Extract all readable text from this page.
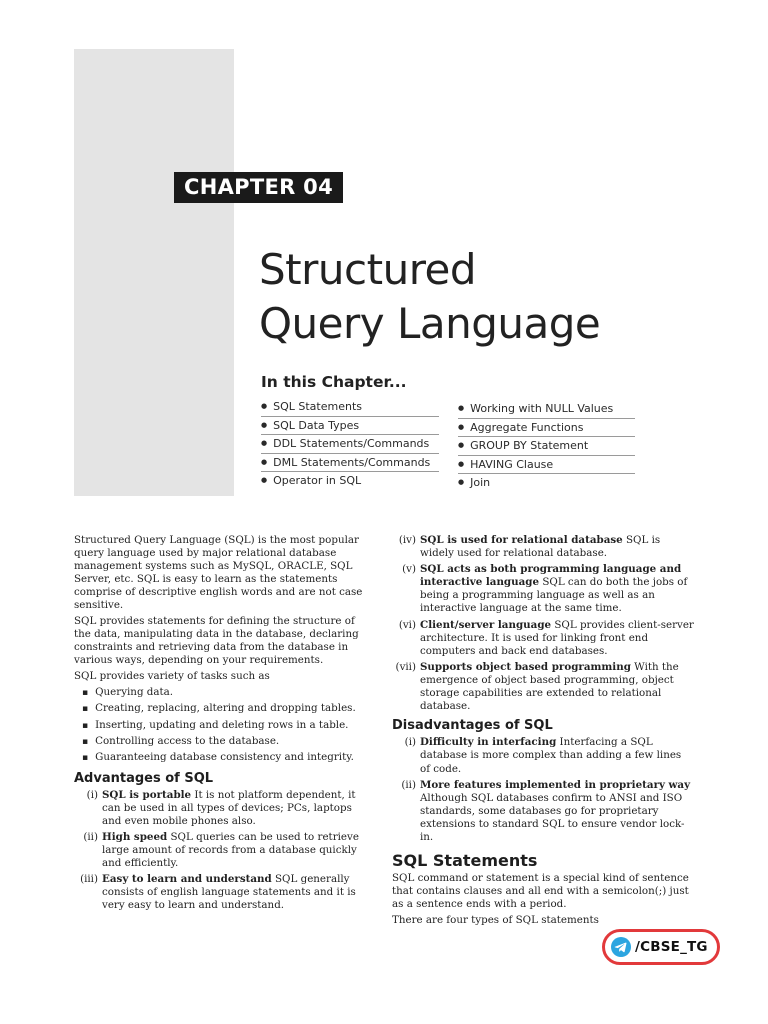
CHAPTER 04
Structured
Query Language
In this Chapter...
● SQL Statements
● SQL Data Types
● DDL Statements/Commands
● DML Statements/Commands
● Operator in SQL
● Working with NULL Values
● Aggregate Functions
● GROUP BY Statement
● HAVING Clause
● Join

Structured Query Language (SQL) is the most popular query language used by major relational database management systems such as MySQL, ORACLE, SQL Server, etc. SQL is easy to learn as the statements comprise of descriptive english words and are not case sensitive.

SQL provides statements for defining the structure of the data, manipulating data in the database, declaring constraints and retrieving data from the database in various ways, depending on your requirements.

SQL provides variety of tasks such as

▪ Querying data.
▪ Creating, replacing, altering and dropping tables.
▪ Inserting, updating and deleting rows in a table.
▪ Controlling access to the database.
▪ Guaranteeing database consistency and integrity.
Advantages of SQL
(i) SQL is portable It is not platform dependent, it can be used in all types of devices; PCs, laptops and even mobile phones also.
(ii) High speed SQL queries can be used to retrieve large amount of records from a database quickly and efficiently.
(iii) Easy to learn and understand SQL generally consists of english language statements and it is very easy to learn and understand.
(iv) SQL is used for relational database SQL is widely used for relational database.
(v) SQL acts as both programming language and interactive language SQL can do both the jobs of being a programming language as well as an interactive language at the same time.
(vi) Client/server language SQL provides client-server architecture. It is used for linking front end computers and back end databases.
(vii) Supports object based programming With the emergence of object based programming, object storage capabilities are extended to relational database.
Disadvantages of SQL
(i) Difficulty in interfacing Interfacing a SQL database is more complex than adding a few lines of code.
(ii) More features implemented in proprietary way Although SQL databases confirm to ANSI and ISO standards, some databases go for proprietary extensions to standard SQL to ensure vendor lock-in.
SQL Statements

SQL command or statement is a special kind of sentence that contains clauses and all end with a semicolon(;) just as a sentence ends with a period.

There are four types of SQL statements

/CBSE_TG
